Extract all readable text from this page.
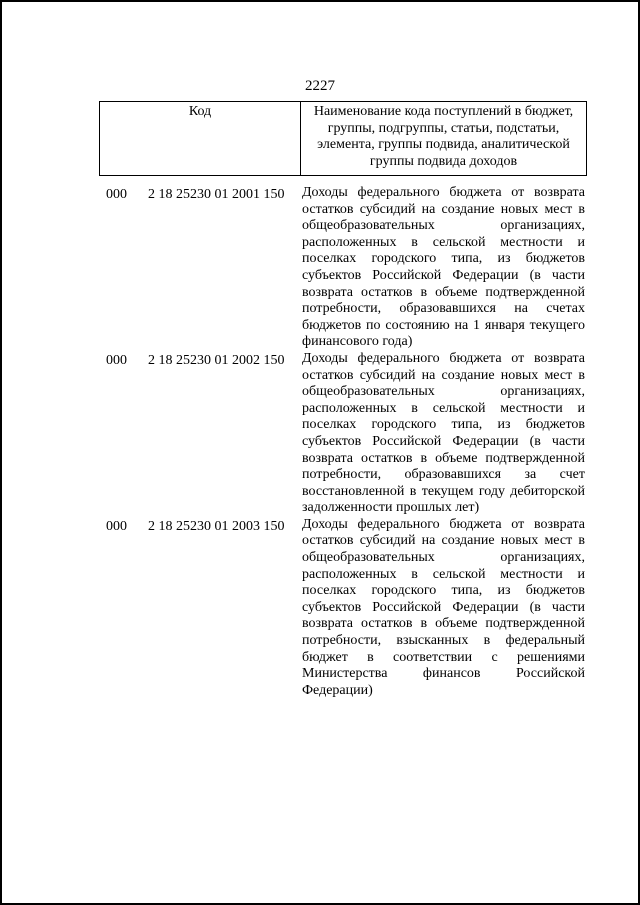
2227
Код	Наименование кода поступлений в бюджет, группы, подгруппы, статьи, подстатьи, элемента, группы подвида, аналитической группы подвида доходов
000 2 18 25230 01 2001 150 Доходы федерального бюджета от возврата остатков субсидий на создание новых мест в общеобразовательных организациях, расположенных в сельской местности и поселках городского типа, из бюджетов субъектов Российской Федерации (в части возврата остатков в объеме подтвержденной потребности, образовавшихся на счетах бюджетов по состоянию на 1 января текущего финансового года)
000 2 18 25230 01 2002 150 Доходы федерального бюджета от возврата остатков субсидий на создание новых мест в общеобразовательных организациях, расположенных в сельской местности и поселках городского типа, из бюджетов субъектов Российской Федерации (в части возврата остатков в объеме подтвержденной потребности, образовавшихся за счет восстановленной в текущем году дебиторской задолженности прошлых лет)
000 2 18 25230 01 2003 150 Доходы федерального бюджета от возврата остатков субсидий на создание новых мест в общеобразовательных организациях, расположенных в сельской местности и поселках городского типа, из бюджетов субъектов Российской Федерации (в части возврата остатков в объеме подтвержденной потребности, взысканных в федеральный бюджет в соответствии с решениями Министерства финансов Российской Федерации)
